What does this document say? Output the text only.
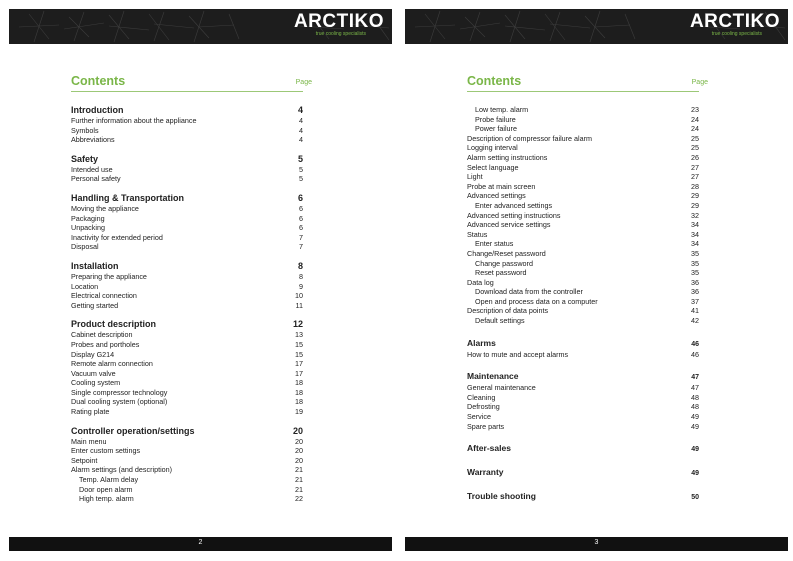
ARCTIKO
true cooling specialists
Contents	Page
Introduction	4
Further information about the appliance	4
Symbols	4
Abbreviations	4
Safety	5
Intended use	5
Personal safety	5
Handling & Transportation	6
Moving the appliance	6
Packaging	6
Unpacking	6
Inactivity for extended period	7
Disposal	7
Installation	8
Preparing the appliance	8
Location	9
Electrical connection	10
Getting started	11
Product description	12
Cabinet description	13
Probes and portholes	15
Display G214	15
Remote alarm connection	17
Vacuum valve	17
Cooling system	18
Single compressor technology	18
Dual cooling system (optional)	18
Rating plate	19
Controller operation/settings	20
Main menu	20
Enter custom settings	20
Setpoint	20
Alarm settings (and description)	21
Temp. Alarm delay	21
Door open alarm	21
High temp. alarm	22
2
ARCTIKO
true cooling specialists
Contents	Page
Low temp. alarm	23
Probe failure	24
Power failure	24
Description of compressor failure alarm	25
Logging interval	25
Alarm setting instructions	26
Select language	27
Light	27
Probe at main screen	28
Advanced settings	29
Enter advanced settings	29
Advanced setting instructions	32
Advanced service settings	34
Status	34
Enter status	34
Change/Reset password	35
Change password	35
Reset password	35
Data log	36
Download data from the controller	36
Open and process data on a computer	37
Description of data points	41
Default settings	42
Alarms	46
How to mute and accept alarms	46
Maintenance	47
General maintenance	47
Cleaning	48
Defrosting	48
Service	49
Spare parts	49
After-sales	49
Warranty	49
Trouble shooting	50
3
